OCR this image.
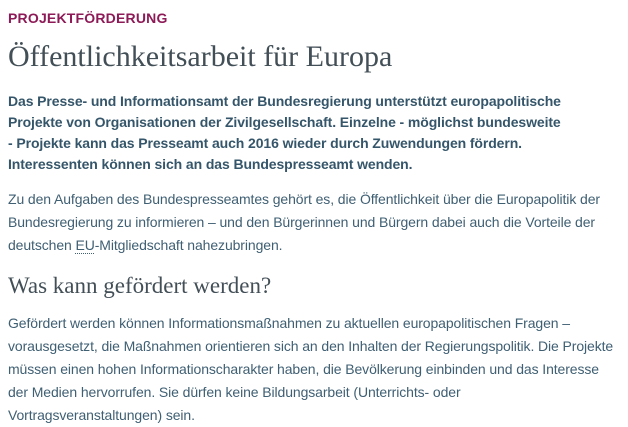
PROJEKTFÖRDERUNG

Öffentlichkeitsarbeit für Europa

Das Presse- und Informationsamt der Bundesregierung unterstützt europapolitische Projekte von Organisationen der Zivilgesellschaft. Einzelne - möglichst bundesweite - Projekte kann das Presseamt auch 2016 wieder durch Zuwendungen fördern. Interessenten können sich an das Bundespresseamt wenden.

Zu den Aufgaben des Bundespresseamtes gehört es, die Öffentlichkeit über die Europapolitik der Bundesregierung zu informieren – und den Bürgerinnen und Bürgern dabei auch die Vorteile der deutschen EU-Mitgliedschaft nahezubringen.

Was kann gefördert werden?

Gefördert werden können Informationsmaßnahmen zu aktuellen europapolitischen Fragen – vorausgesetzt, die Maßnahmen orientieren sich an den Inhalten der Regierungspolitik. Die Projekte müssen einen hohen Informationscharakter haben, die Bevölkerung einbinden und das Interesse der Medien hervorrufen. Sie dürfen keine Bildungsarbeit (Unterrichts- oder Vortragsveranstaltungen) sein.
